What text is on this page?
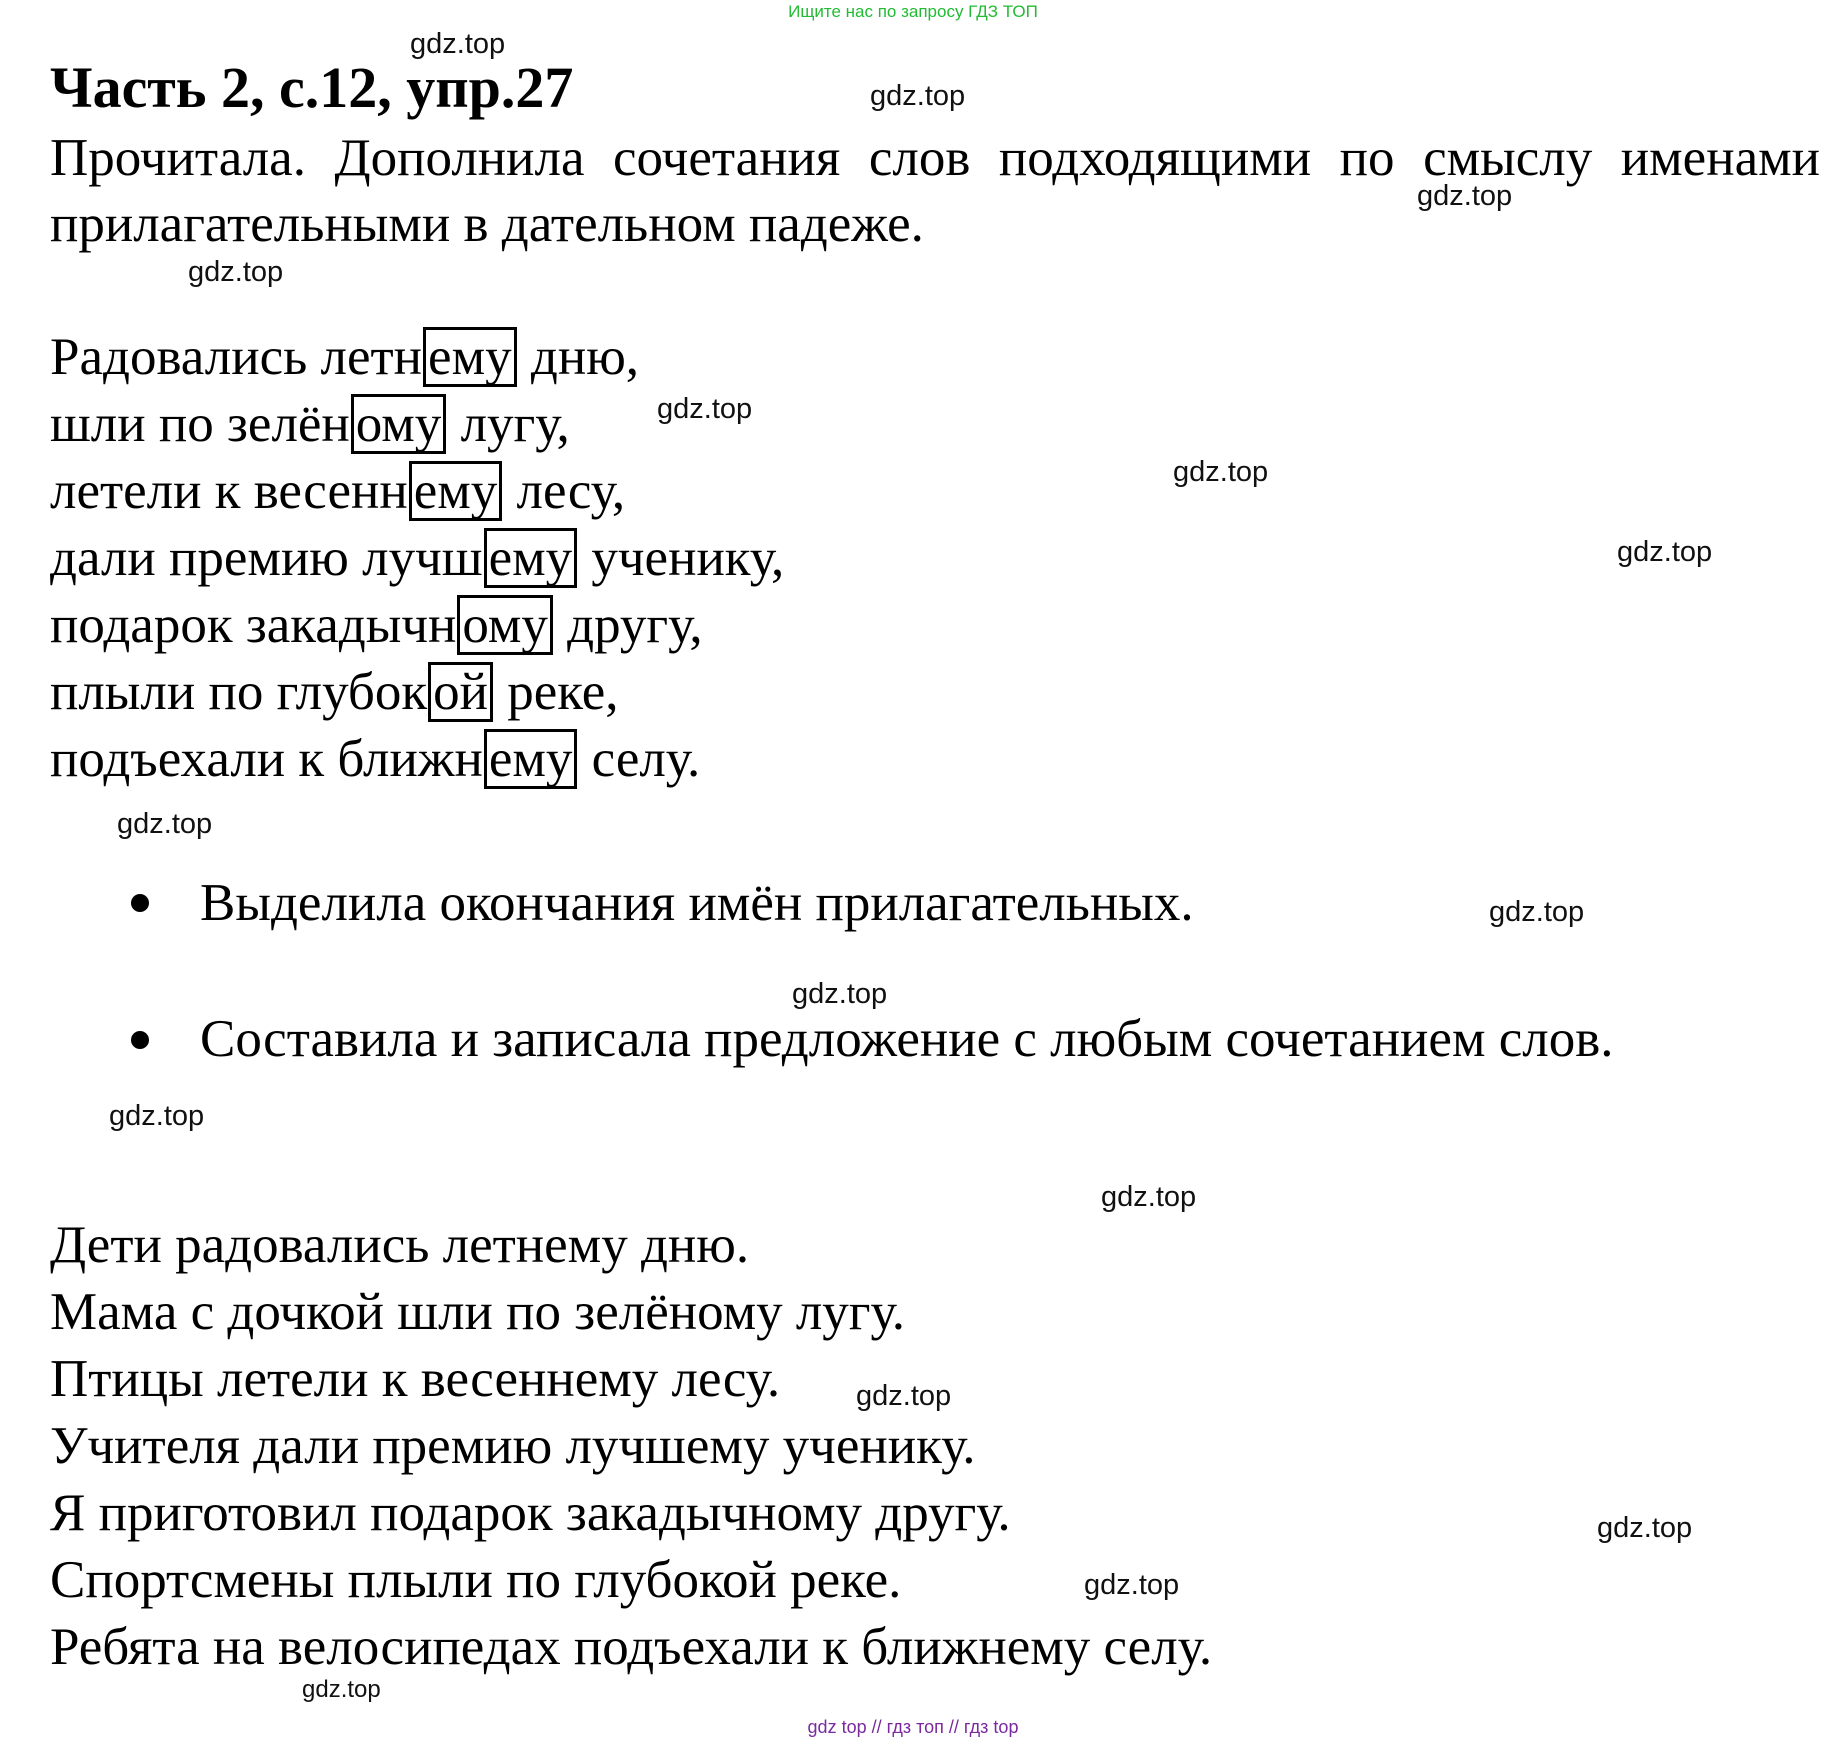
Ищите нас по запросу ГДЗ ТОП
Часть 2, с.12, упр.27
Прочитала. Дополнила сочетания слов подходящими по смыслу именами прилагательными в дательном падеже.
Радовались летн ему дню,
шли по зелён ому лугу,
летели к весенн ему лесу,
дали премию лучш ему ученику,
подарок закадычн ому другу,
плыли по глубок ой реке,
подъехали к ближн ему селу.
Выделила окончания имён прилагательных.
Составила и записала предложение с любым сочетанием слов.
Дети радовались летнему дню.
Мама с дочкой шли по зелёному лугу.
Птицы летели к весеннему лесу.
Учителя дали премию лучшему ученику.
Я приготовил подарок закадычному другу.
Спортсмены плыли по глубокой реке.
Ребята на велосипедах подъехали к ближнему селу.
gdz.top
gdz.top
gdz.top
gdz.top
gdz.top
gdz.top
gdz.top
gdz.top
gdz.top
gdz.top
gdz.top
gdz.top
gdz.top
gdz.top
gdz.top
gdz.top
gdz top // гдз топ // гдз top
